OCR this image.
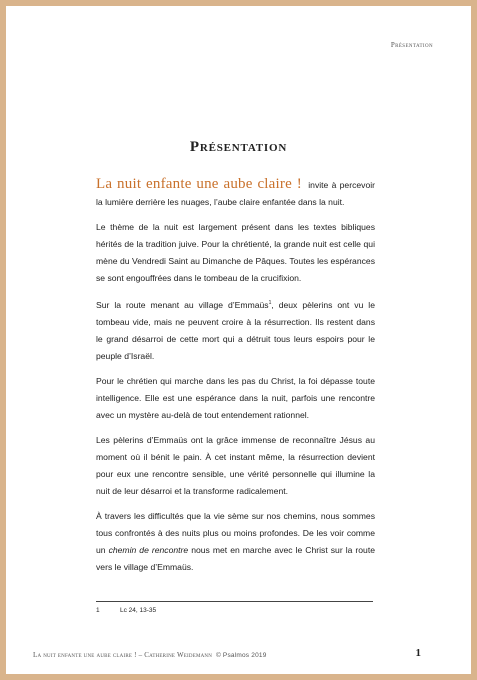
Présentation
Présentation

La nuit enfante une aube claire ! invite à percevoir la lumière derrière les nuages, l’aube claire enfantée dans la nuit.

Le thème de la nuit est largement présent dans les textes bibliques hérités de la tradition juive. Pour la chrétienté, la grande nuit est celle qui mène du Vendredi Saint au Dimanche de Pâques. Toutes les espérances se sont engouffrées dans le tombeau de la crucifixion.

Sur la route menant au village d’Emmaüs$^1$, deux pèlerins ont vu le tombeau vide, mais ne peuvent croire à la résurrection. Ils restent dans le grand désarroi de cette mort qui a détruit tous leurs espoirs pour le peuple d’Israël.

Pour le chrétien qui marche dans les pas du Christ, la foi dépasse toute intelligence. Elle est une espérance dans la nuit, parfois une rencontre avec un mystère au-delà de tout entendement rationnel.

Les pèlerins d’Emmaüs ont la grâce immense de reconnaître Jésus au moment où il bénit le pain. À cet instant même, la résurrection devient pour eux une rencontre sensible, une vérité personnelle qui illumine la nuit de leur désarroi et la transforme radicalement.

À travers les difficultés que la vie sème sur nos chemins, nous sommes tous confrontés à des nuits plus ou moins profondes. De les voir comme un chemin de rencontre nous met en marche avec le Christ sur la route vers le village d’Emmaüs.

1	Lc 24, 13-35
La nuit enfante une aube claire ! – Catherine Weidemann © Psalmos 2019	1
